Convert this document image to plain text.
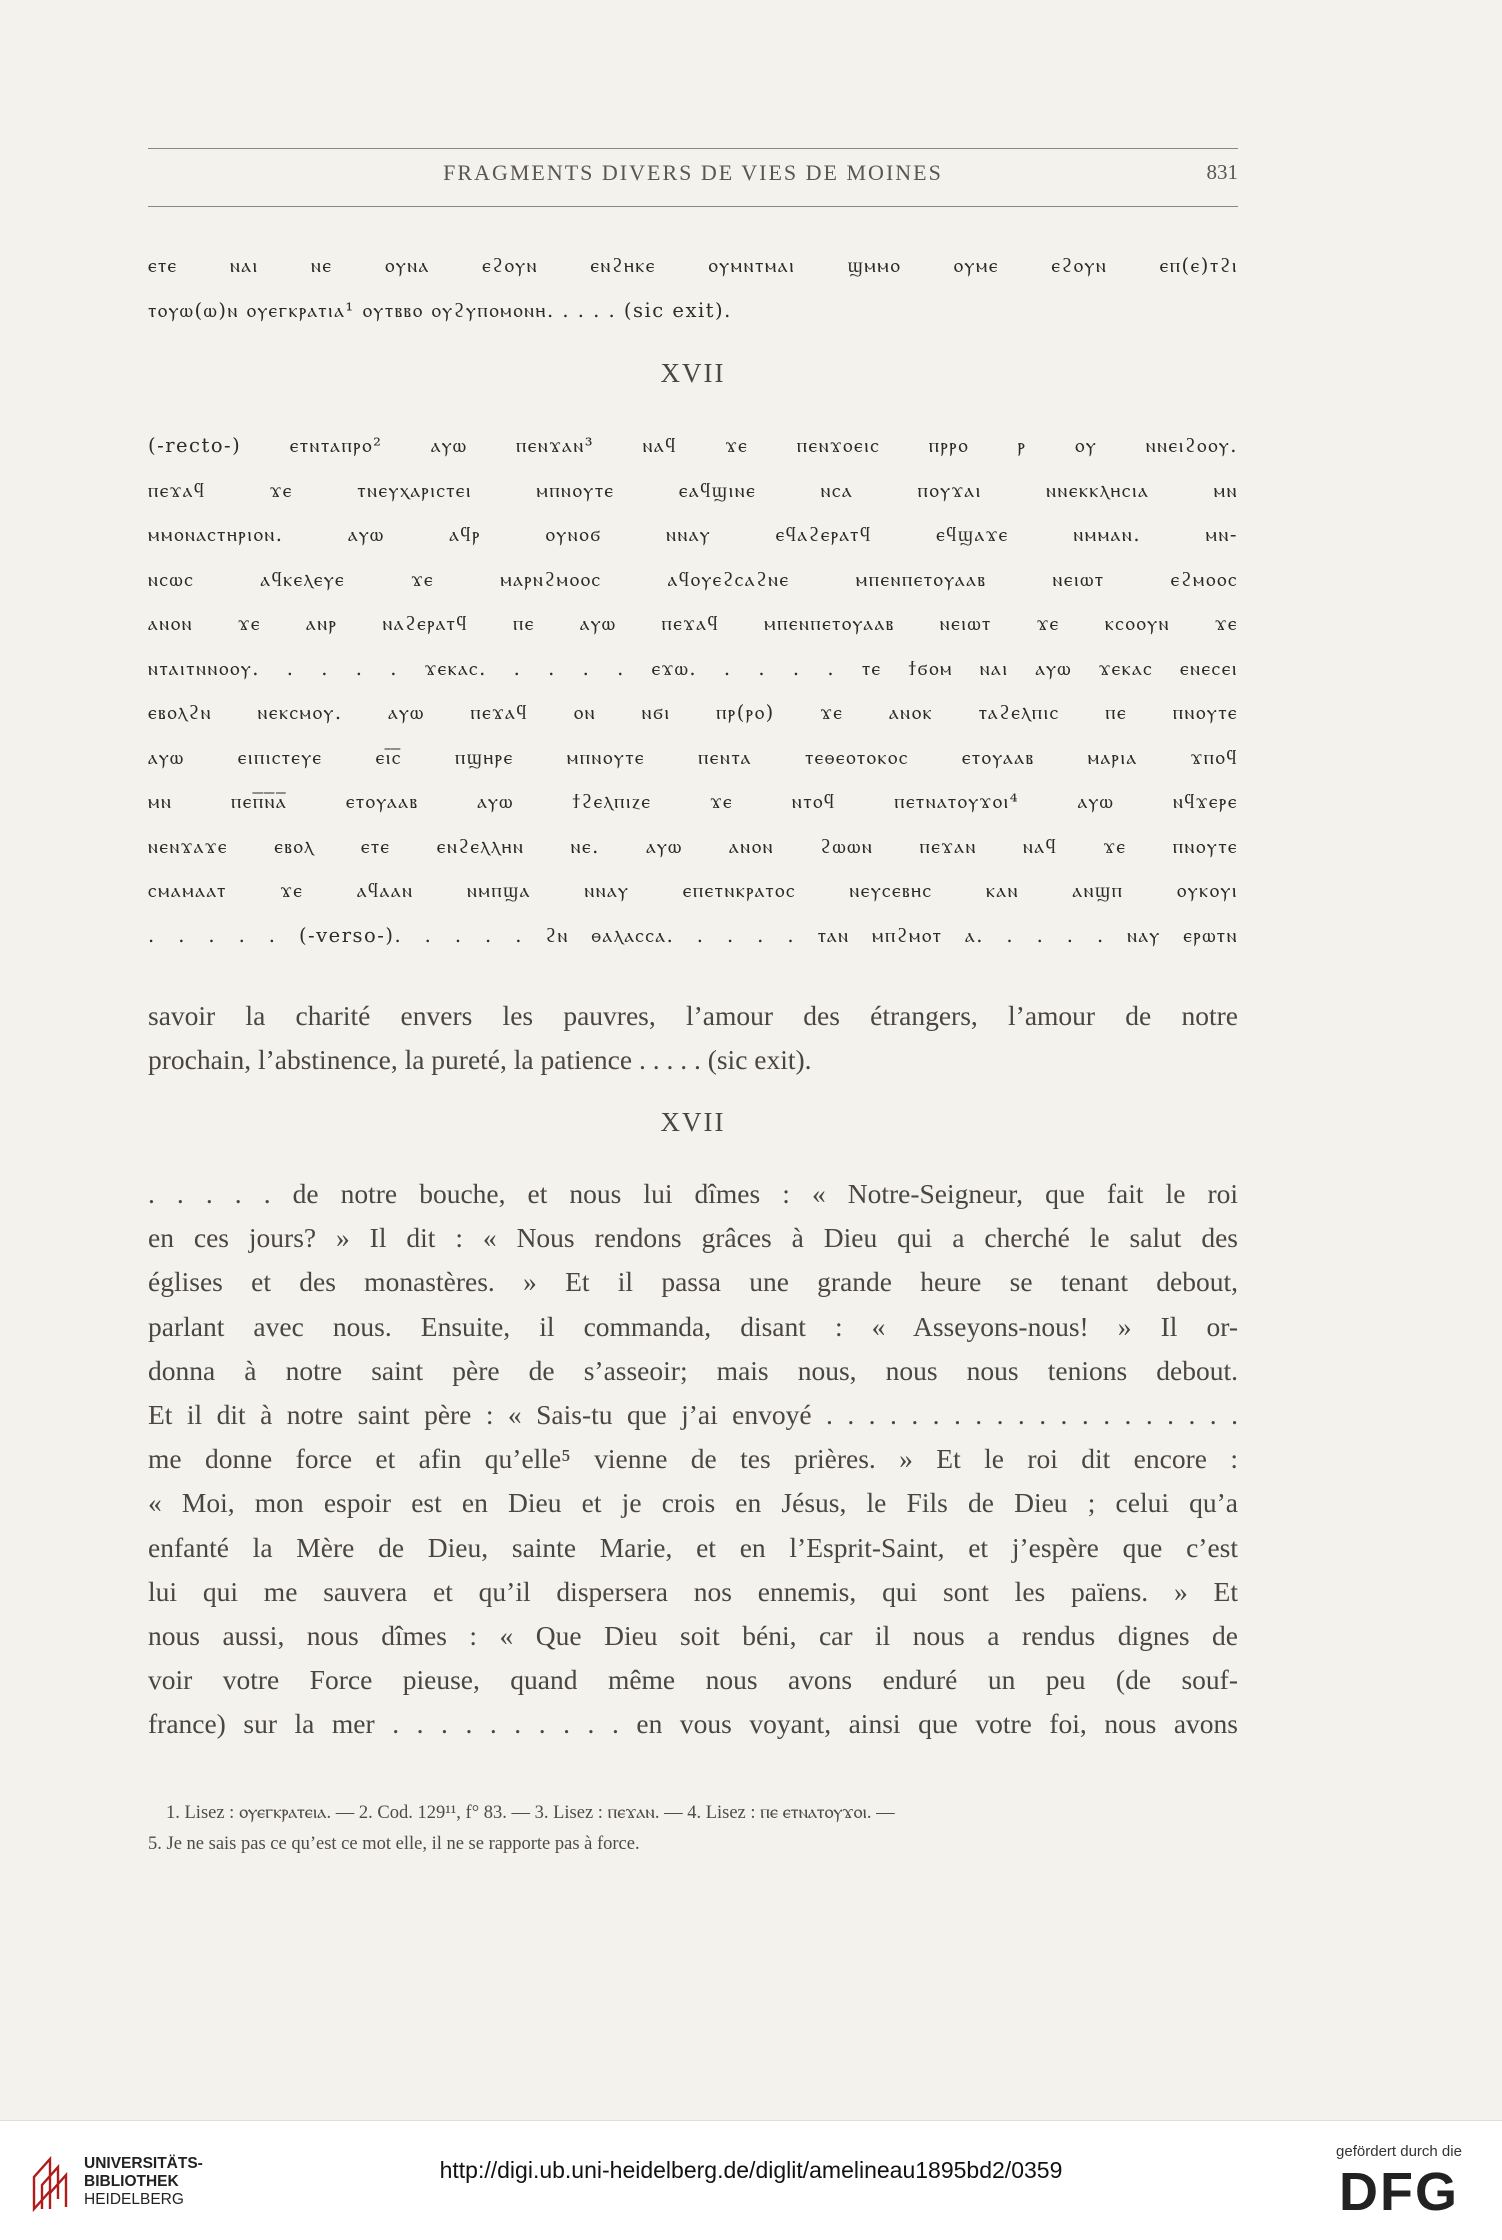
FRAGMENTS DIVERS DE VIES DE MOINES	831
ⲉⲧⲉ ⲛⲁⲓ ⲛⲉ ⲟⲩⲛⲁ ⲉϩⲟⲩⲛ ⲉⲛϩⲏⲕⲉ ⲟⲩⲙⲛⲧⲙⲁⲓ ϣⲙⲙⲟ ⲟⲩⲙⲉ ⲉϩⲟⲩⲛ ⲉⲡ(ⲉ)ⲧϩⲓ
ⲧⲟⲩⲱ(ⲱ)ⲛ ⲟⲩⲉⲅⲕⲣⲁⲧⲓⲁ¹ ⲟⲩⲧⲃⲃⲟ ⲟⲩϩⲩⲡⲟⲙⲟⲛⲏ. . . . . (sic exit).
XVII
(-recto-) ⲉⲧⲛⲧⲁⲡⲣⲟ² ⲁⲩⲱ ⲡⲉⲛϫⲁⲛ³ ⲛⲁϥ ϫⲉ ⲡⲉⲛϫⲟⲉⲓⲥ ⲡⲣⲣⲟ ⲣ ⲟⲩ ⲛⲛⲉⲓϩⲟⲟⲩ.
ⲡⲉϫⲁϥ ϫⲉ ⲧⲛⲉⲩⲭⲁⲣⲓⲥⲧⲉⲓ ⲙⲡⲛⲟⲩⲧⲉ ⲉⲁϥϣⲓⲛⲉ ⲛⲥⲁ ⲡⲟⲩϫⲁⲓ ⲛⲛⲉⲕⲕⲗⲏⲥⲓⲁ ⲙⲛ
ⲙⲙⲟⲛⲁⲥⲧⲏⲣⲓⲟⲛ. ⲁⲩⲱ ⲁϥⲣ ⲟⲩⲛⲟϭ ⲛⲛⲁⲩ ⲉϥⲁϩⲉⲣⲁⲧϥ ⲉϥϣⲁϫⲉ ⲛⲙⲙⲁⲛ. ⲙⲛ-
ⲛⲥⲱⲥ ⲁϥⲕⲉⲗⲉⲩⲉ ϫⲉ ⲙⲁⲣⲛϩⲙⲟⲟⲥ ⲁϥⲟⲩⲉϩⲥⲁϩⲛⲉ ⲙⲡⲉⲛⲡⲉⲧⲟⲩⲁⲁⲃ ⲛⲉⲓⲱⲧ ⲉϩⲙⲟⲟⲥ
ⲁⲛⲟⲛ ϫⲉ ⲁⲛⲣ ⲛⲁϩⲉⲣⲁⲧϥ ⲡⲉ ⲁⲩⲱ ⲡⲉϫⲁϥ ⲙⲡⲉⲛⲡⲉⲧⲟⲩⲁⲁⲃ ⲛⲉⲓⲱⲧ ϫⲉ ⲕⲥⲟⲟⲩⲛ ϫⲉ
ⲛⲧⲁⲓⲧⲛⲛⲟⲟⲩ. . . . . ϫⲉⲕⲁⲥ. . . . . ⲉϫⲱ. . . . . ⲧⲉ ϯϭⲟⲙ ⲛⲁⲓ ⲁⲩⲱ ϫⲉⲕⲁⲥ ⲉⲛⲉⲥⲉⲓ
ⲉⲃⲟⲗϩⲛ ⲛⲉⲕⲥⲙⲟⲩ. ⲁⲩⲱ ⲡⲉϫⲁϥ ⲟⲛ ⲛϭⲓ ⲡⲣ(ⲣⲟ) ϫⲉ ⲁⲛⲟⲕ ⲧⲁϩⲉⲗⲡⲓⲥ ⲡⲉ ⲡⲛⲟⲩⲧⲉ
ⲁⲩⲱ ⲉⲓⲡⲓⲥⲧⲉⲩⲉ ⲉⲓ̅ⲥ̅ ⲡϣⲏⲣⲉ ⲙⲡⲛⲟⲩⲧⲉ ⲡⲉⲛⲧⲁ ⲧⲉⲑⲉⲟⲧⲟⲕⲟⲥ ⲉⲧⲟⲩⲁⲁⲃ ⲙⲁⲣⲓⲁ ϫⲡⲟϥ
ⲙⲛ ⲡⲉⲡ̅ⲛ̅ⲁ̅ ⲉⲧⲟⲩⲁⲁⲃ ⲁⲩⲱ ϯϩⲉⲗⲡⲓⲍⲉ ϫⲉ ⲛⲧⲟϥ ⲡⲉⲧⲛⲁⲧⲟⲩϫⲟⲓ⁴ ⲁⲩⲱ ⲛϥϫⲉⲣⲉ
ⲛⲉⲛϫⲁϫⲉ ⲉⲃⲟⲗ ⲉⲧⲉ ⲉⲛϩⲉⲗⲗⲏⲛ ⲛⲉ. ⲁⲩⲱ ⲁⲛⲟⲛ ϩⲱⲱⲛ ⲡⲉϫⲁⲛ ⲛⲁϥ ϫⲉ ⲡⲛⲟⲩⲧⲉ
ⲥⲙⲁⲙⲁⲁⲧ ϫⲉ ⲁϥⲁⲁⲛ ⲛⲙⲡϣⲁ ⲛⲛⲁⲩ ⲉⲡⲉⲧⲛⲕⲣⲁⲧⲟⲥ ⲛⲉⲩⲥⲉⲃⲏⲥ ⲕⲁⲛ ⲁⲛϣⲡ ⲟⲩⲕⲟⲩⲓ
. . . . . (-verso-). . . . . ϩⲛ ⲑⲁⲗⲁⲥⲥⲁ. . . . . ⲧⲁⲛ ⲙⲡϩⲙⲟⲧ ⲁ. . . . . ⲛⲁⲩ ⲉⲣⲱⲧⲛ
savoir la charité envers les pauvres, l’amour des étrangers, l’amour de notre
prochain, l’abstinence, la pureté, la patience . . . . . (sic exit).
XVII
. . . . . de notre bouche, et nous lui dîmes : « Notre-Seigneur, que fait le roi
en ces jours? » Il dit : « Nous rendons grâces à Dieu qui a cherché le salut des
églises et des monastères. » Et il passa une grande heure se tenant debout,
parlant avec nous. Ensuite, il commanda, disant : « Asseyons-nous! » Il or-
donna à notre saint père de s’asseoir; mais nous, nous nous tenions debout.
Et il dit à notre saint père : « Sais-tu que j’ai envoyé . . . . . . . . . . . . . . . . . . . .
me donne force et afin qu’elle⁵ vienne de tes prières. » Et le roi dit encore :
« Moi, mon espoir est en Dieu et je crois en Jésus, le Fils de Dieu ; celui qu’a
enfanté la Mère de Dieu, sainte Marie, et en l’Esprit-Saint, et j’espère que c’est
lui qui me sauvera et qu’il dispersera nos ennemis, qui sont les païens. » Et
nous aussi, nous dîmes : « Que Dieu soit béni, car il nous a rendus dignes de
voir votre Force pieuse, quand même nous avons enduré un peu (de souf-
france) sur la mer . . . . . . . . . . en vous voyant, ainsi que votre foi, nous avons
1. Lisez : ⲟⲩⲉⲅⲕⲣⲁⲧⲉⲓⲁ. — 2. Cod. 129¹¹, f° 83. — 3. Lisez : ⲡⲉϫⲁⲛ. — 4. Lisez : ⲡⲉ ⲉⲧⲛⲁⲧⲟⲩϫⲟⲓ. —
5. Je ne sais pas ce qu’est ce mot elle, il ne se rapporte pas à force.
UNIVERSITÄTS-
BIBLIOTHEK
HEIDELBERG
http://digi.ub.uni-heidelberg.de/diglit/amelineau1895bd2/0359
gefördert durch die
DFG
